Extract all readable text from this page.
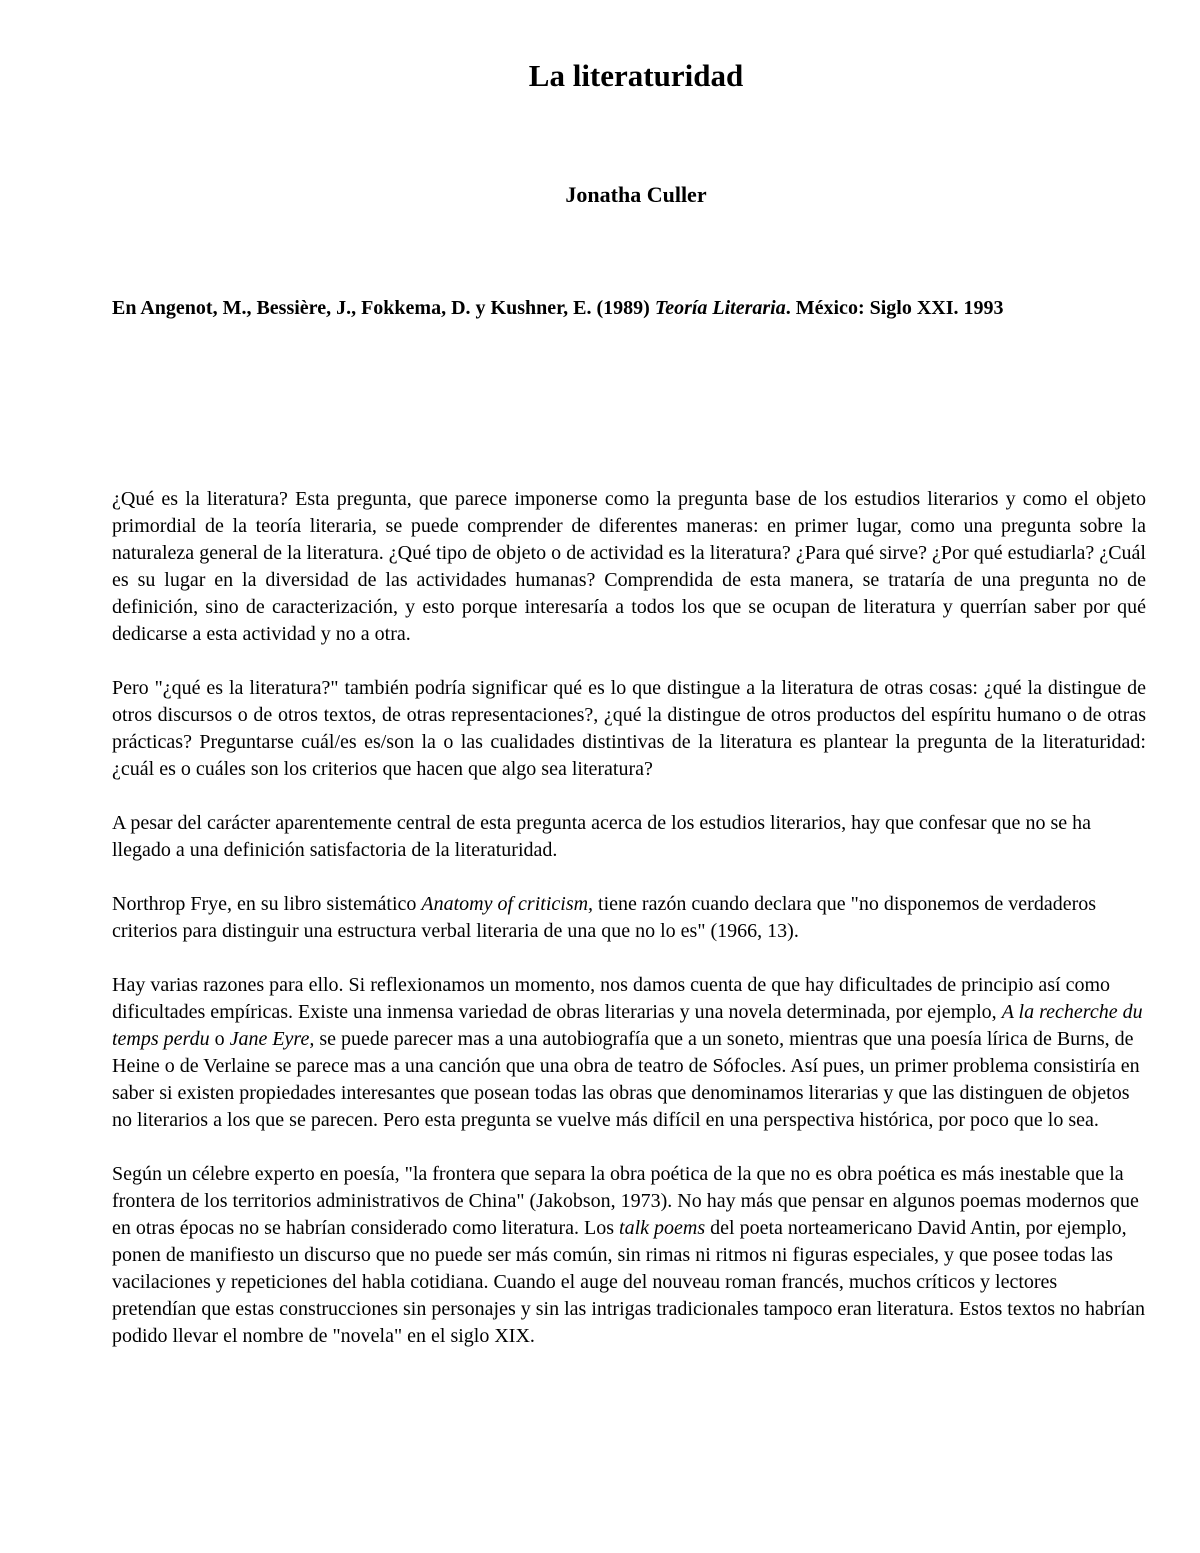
La literaturidad
Jonatha Culler

En Angenot, M., Bessière, J., Fokkema, D. y Kushner, E. (1989) Teoría Literaria. México: Siglo XXI. 1993

¿Qué es la literatura? Esta pregunta, que parece imponerse como la pregunta base de los estudios literarios y como el objeto primordial de la teoría literaria, se puede comprender de diferentes maneras: en primer lugar, como una pregunta sobre la naturaleza general de la literatura. ¿Qué tipo de objeto o de actividad es la literatura? ¿Para qué sirve? ¿Por qué estudiarla? ¿Cuál es su lugar en la diversidad de las actividades humanas? Comprendida de esta manera, se trataría de una pregunta no de definición, sino de caracterización, y esto porque interesaría a todos los que se ocupan de literatura y querrían saber por qué dedicarse a esta actividad y no a otra.

Pero "¿qué es la literatura?" también podría significar qué es lo que distingue a la literatura de otras cosas: ¿qué la distingue de otros discursos o de otros textos, de otras representaciones?, ¿qué la distingue de otros productos del espíritu humano o de otras prácticas? Preguntarse cuál/es es/son la o las cualidades distintivas de la literatura es plantear la pregunta de la literaturidad: ¿cuál es o cuáles son los criterios que hacen que algo sea literatura?

A pesar del carácter aparentemente central de esta pregunta acerca de los estudios literarios, hay que confesar que no se ha llegado a una definición satisfactoria de la literaturidad.

Northrop Frye, en su libro sistemático Anatomy of criticism, tiene razón cuando declara que "no disponemos de verdaderos criterios para distinguir una estructura verbal literaria de una que no lo es" (1966, 13).

Hay varias razones para ello. Si reflexionamos un momento, nos damos cuenta de que hay dificultades de principio así como dificultades empíricas. Existe una inmensa variedad de obras literarias y una novela determinada, por ejemplo, A la recherche du temps perdu o Jane Eyre, se puede parecer mas a una autobiografía que a un soneto, mientras que una poesía lírica de Burns, de Heine o de Verlaine se parece mas a una canción que una obra de teatro de Sófocles. Así pues, un primer problema consistiría en saber si existen propiedades interesantes que posean todas las obras que denominamos literarias y que las distinguen de objetos no literarios a los que se parecen. Pero esta pregunta se vuelve más difícil en una perspectiva histórica, por poco que lo sea.

Según un célebre experto en poesía, "la frontera que separa la obra poética de la que no es obra poética es más inestable que la frontera de los territorios administrativos de China" (Jakobson, 1973). No hay más que pensar en algunos poemas modernos que en otras épocas no se habrían considerado como literatura. Los talk poems del poeta norteamericano David Antin, por ejemplo, ponen de manifiesto un discurso que no puede ser más común, sin rimas ni ritmos ni figuras especiales, y que posee todas las vacilaciones y repeticiones del habla cotidiana. Cuando el auge del nouveau roman francés, muchos críticos y lectores pretendían que estas construcciones sin personajes y sin las intrigas tradicionales tampoco eran literatura. Estos textos no habrían podido llevar el nombre de "novela" en el siglo XIX.
